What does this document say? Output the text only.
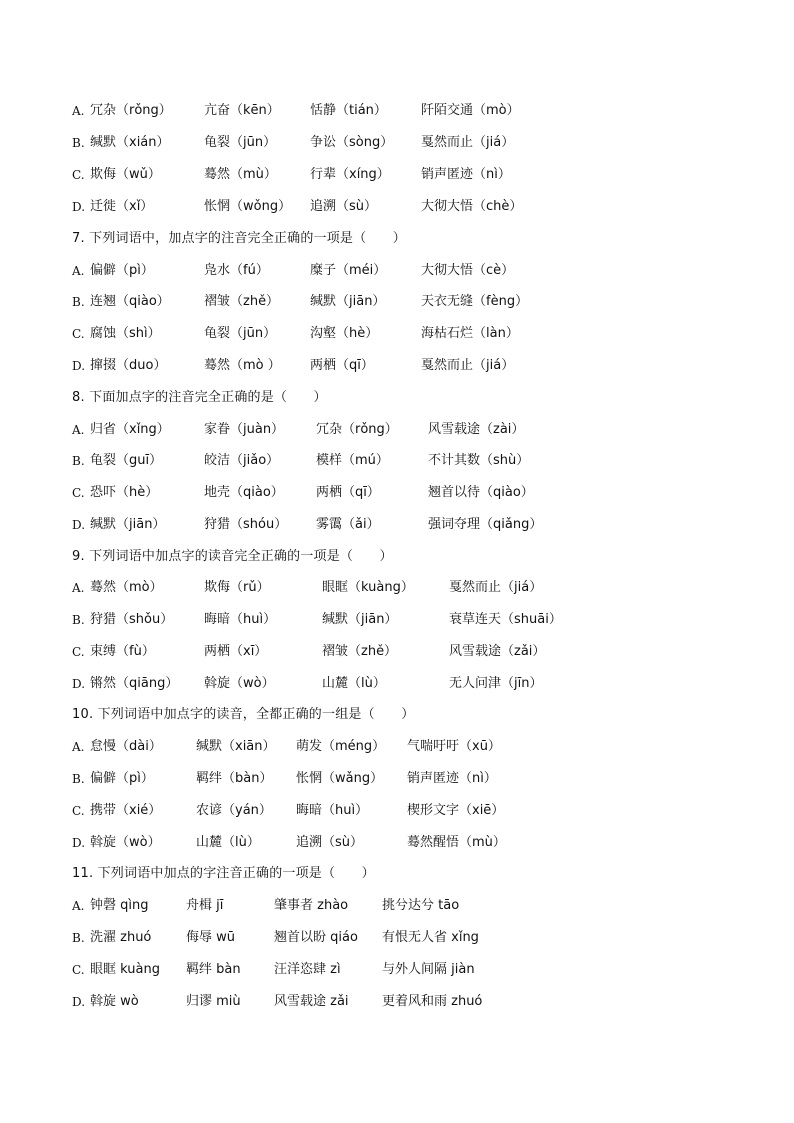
A. 冗杂（rǒng） 亢奋（kēn） 恬静（tián）	阡陌交通（mò）
B. 缄默（xián）	龟裂（jūn）	争讼（sòng） 戛然而止（jiá）
C. 欺侮（wǔ）	蓦然（mù）	行辈（xíng） 销声匿迹（nì）
D. 迁徙（xǐ）	怅惘（wǒng） 追溯（sù）	大彻大悟（chè）
7. 下列词语中，加点字的注音完全正确的一项是（　　）
A. 偏僻（pì）	凫水（fú）	糜子（méi）	大彻大悟（cè）
B. 连翘（qiào）	褶皱（zhě） 缄默（jiān）	天衣无缝（fèng）
C. 腐蚀（shì）	龟裂（jūn）	沟壑（hè）	海枯石烂（làn）
D. 撺掇（duo）	蓦然（mò ） 两栖（qī）	戛然而止（jiá）
8. 下面加点字的注音完全正确的是（　　）
A. 归省（xǐng）	家眷（juàn） 冗杂（rǒng） 风雪载途（zài）
B. 龟裂（guī）	皎洁（jiǎo）	模样（mú）	不计其数（shù）
C. 恐吓（hè）	地壳（qiào） 两栖（qī）	翘首以待（qiào）
D. 缄默（jiān）	狩猎（shóu） 雾霭（ǎi）	强词夺理（qiǎng）
9. 下列词语中加点字的读音完全正确的一项是（　　）
A. 蓦然（mò）	欺侮（rǔ）	眼眶（kuàng）	戛然而止（jiá）
B. 狩猎（shǒu） 晦暗（huì）	缄默（jiān）	衰草连天（shuāi）
C. 束缚（fù）	两栖（xī）	褶皱（zhě）	风雪载途（zǎi）
D. 锵然（qiāng） 斡旋（wò）	山麓（lù）	无人问津（jīn）
10. 下列词语中加点字的读音，全都正确的一组是（　　）
A. 怠慢（dài）	缄默（xiān） 萌发（méng） 气喘吁吁（xū）
B. 偏僻（pì）	羁绊（bàn） 怅惘（wǎng） 销声匿迹（nì）
C. 携带（xié）	农谚（yán） 晦暗（huì）	楔形文字（xiē）
D. 斡旋（wò）	山麓（lù）	追溯（sù）	蓦然醒悟（mù）
11. 下列词语中加点的字注音正确的一项是（　　）
A. 钟磬 qìng	舟楫 jī	肇事者 zhào	挑兮达兮 tāo
B. 洗濯 zhuó	侮辱 wū	翘首以盼 qiáo 有恨无人省 xǐng
C. 眼眶 kuàng 羁绊 bàn	汪洋恣肆 zì	与外人间隔 jiàn
D. 斡旋 wò	归谬 miù	风雪载途 zǎi	更着风和雨 zhuó
